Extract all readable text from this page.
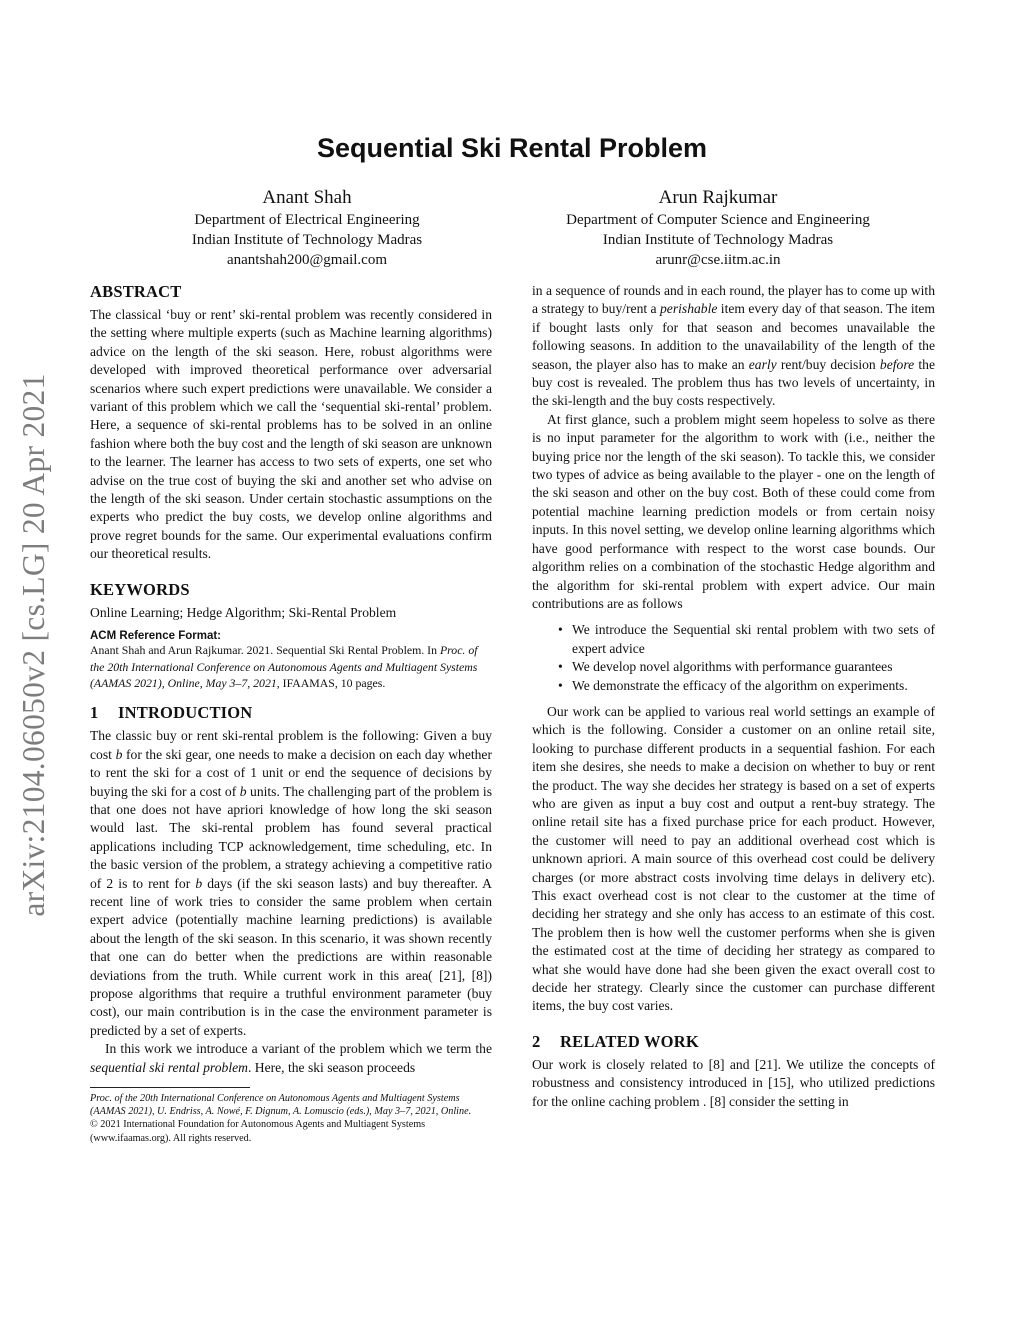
arXiv:2104.06050v2 [cs.LG] 20 Apr 2021
Sequential Ski Rental Problem
Anant Shah
Department of Electrical Engineering
Indian Institute of Technology Madras
anantshah200@gmail.com
Arun Rajkumar
Department of Computer Science and Engineering
Indian Institute of Technology Madras
arunr@cse.iitm.ac.in
ABSTRACT

The classical ‘buy or rent’ ski-rental problem was recently considered in the setting where multiple experts (such as Machine learning algorithms) advice on the length of the ski season. Here, robust algorithms were developed with improved theoretical performance over adversarial scenarios where such expert predictions were unavailable. We consider a variant of this problem which we call the ‘sequential ski-rental’ problem. Here, a sequence of ski-rental problems has to be solved in an online fashion where both the buy cost and the length of ski season are unknown to the learner. The learner has access to two sets of experts, one set who advise on the true cost of buying the ski and another set who advise on the length of the ski season. Under certain stochastic assumptions on the experts who predict the buy costs, we develop online algorithms and prove regret bounds for the same. Our experimental evaluations confirm our theoretical results.

KEYWORDS

Online Learning; Hedge Algorithm; Ski-Rental Problem

ACM Reference Format:

Anant Shah and Arun Rajkumar. 2021. Sequential Ski Rental Problem. In Proc. of the 20th International Conference on Autonomous Agents and Multiagent Systems (AAMAS 2021), Online, May 3–7, 2021, IFAAMAS, 10 pages.

1 INTRODUCTION

The classic buy or rent ski-rental problem is the following: Given a buy cost b for the ski gear, one needs to make a decision on each day whether to rent the ski for a cost of 1 unit or end the sequence of decisions by buying the ski for a cost of b units. The challenging part of the problem is that one does not have apriori knowledge of how long the ski season would last. The ski-rental problem has found several practical applications including TCP acknowledgement, time scheduling, etc. In the basic version of the problem, a strategy achieving a competitive ratio of 2 is to rent for b days (if the ski season lasts) and buy thereafter. A recent line of work tries to consider the same problem when certain expert advice (potentially machine learning predictions) is available about the length of the ski season. In this scenario, it was shown recently that one can do better when the predictions are within reasonable deviations from the truth. While current work in this area( [21], [8]) propose algorithms that require a truthful environment parameter (buy cost), our main contribution is in the case the environment parameter is predicted by a set of experts.

In this work we introduce a variant of the problem which we term the sequential ski rental problem. Here, the ski season proceeds

Proc. of the 20th International Conference on Autonomous Agents and Multiagent Systems (AAMAS 2021), U. Endriss, A. Nowé, F. Dignum, A. Lomuscio (eds.), May 3–7, 2021, Online.
© 2021 International Foundation for Autonomous Agents and Multiagent Systems (www.ifaamas.org). All rights reserved.

in a sequence of rounds and in each round, the player has to come up with a strategy to buy/rent a perishable item every day of that season. The item if bought lasts only for that season and becomes unavailable the following seasons. In addition to the unavailability of the length of the season, the player also has to make an early rent/buy decision before the buy cost is revealed. The problem thus has two levels of uncertainty, in the ski-length and the buy costs respectively.

At first glance, such a problem might seem hopeless to solve as there is no input parameter for the algorithm to work with (i.e., neither the buying price nor the length of the ski season). To tackle this, we consider two types of advice as being available to the player - one on the length of the ski season and other on the buy cost. Both of these could come from potential machine learning prediction models or from certain noisy inputs. In this novel setting, we develop online learning algorithms which have good performance with respect to the worst case bounds. Our algorithm relies on a combination of the stochastic Hedge algorithm and the algorithm for ski-rental problem with expert advice. Our main contributions are as follows

• We introduce the Sequential ski rental problem with two sets of expert advice
• We develop novel algorithms with performance guarantees
• We demonstrate the efficacy of the algorithm on experiments.

Our work can be applied to various real world settings an example of which is the following. Consider a customer on an online retail site, looking to purchase different products in a sequential fashion. For each item she desires, she needs to make a decision on whether to buy or rent the product. The way she decides her strategy is based on a set of experts who are given as input a buy cost and output a rent-buy strategy. The online retail site has a fixed purchase price for each product. However, the customer will need to pay an additional overhead cost which is unknown apriori. A main source of this overhead cost could be delivery charges (or more abstract costs involving time delays in delivery etc). This exact overhead cost is not clear to the customer at the time of deciding her strategy and she only has access to an estimate of this cost. The problem then is how well the customer performs when she is given the estimated cost at the time of deciding her strategy as compared to what she would have done had she been given the exact overall cost to decide her strategy. Clearly since the customer can purchase different items, the buy cost varies.

2 RELATED WORK

Our work is closely related to [8] and [21]. We utilize the concepts of robustness and consistency introduced in [15], who utilized predictions for the online caching problem . [8] consider the setting in
